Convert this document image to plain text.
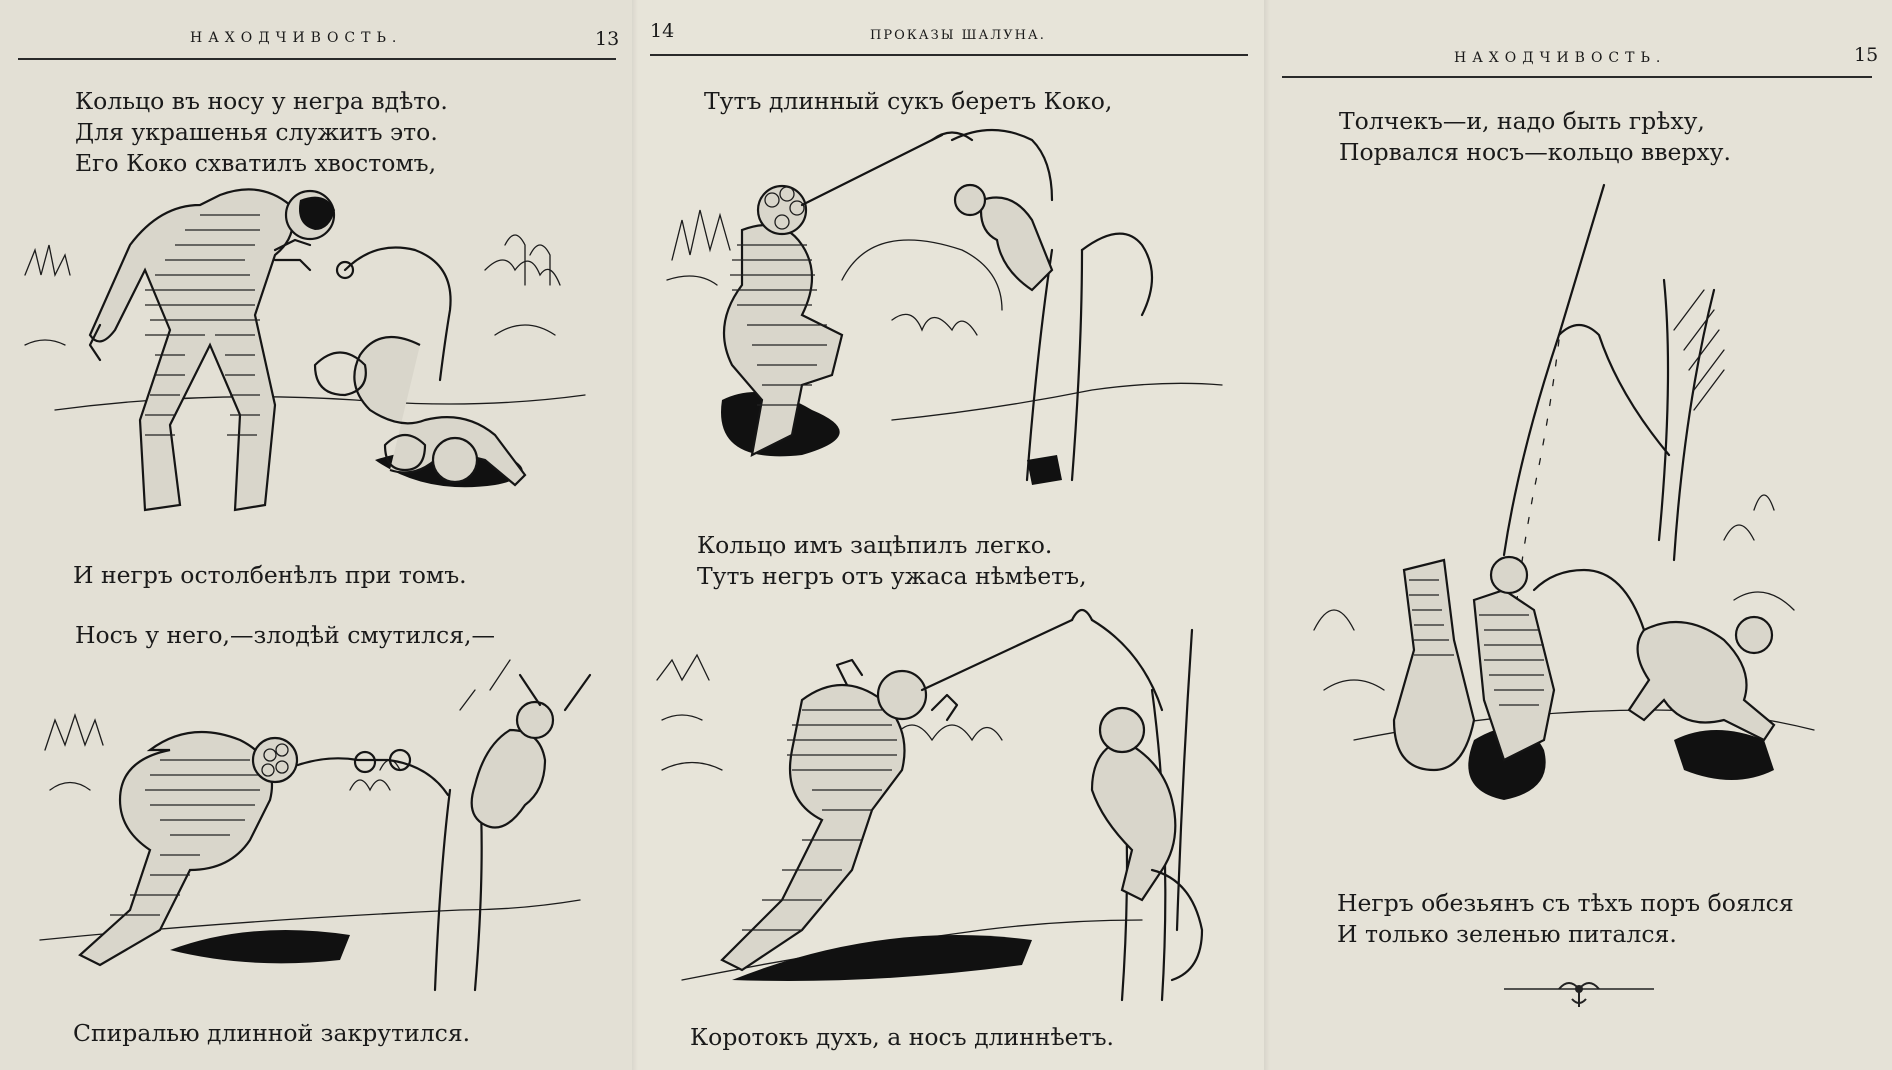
НАХОДЧИВОСТЬ.	13
Кольцо въ носу у негра вдѣто.
Для украшенья служитъ это.
Его Коко схватилъ хвостомъ,
И негръ остолбенѣлъ при томъ.
Носъ у него,—злодѣй смутился,—
Спиралью длинной закрутился.
14	ПРОКАЗЫ ШАЛУНА.
Тутъ длинный сукъ беретъ Коко,
Кольцо имъ зацѣпилъ легко.
Тутъ негръ отъ ужаса нѣмѣетъ,
Коротокъ духъ, а носъ длиннѣетъ.
НАХОДЧИВОСТЬ.	15
Толчекъ—и, надо быть грѣху,
Порвался носъ—кольцо вверху.
Негръ обезьянъ съ тѣхъ поръ боялся
И только зеленью питался.
